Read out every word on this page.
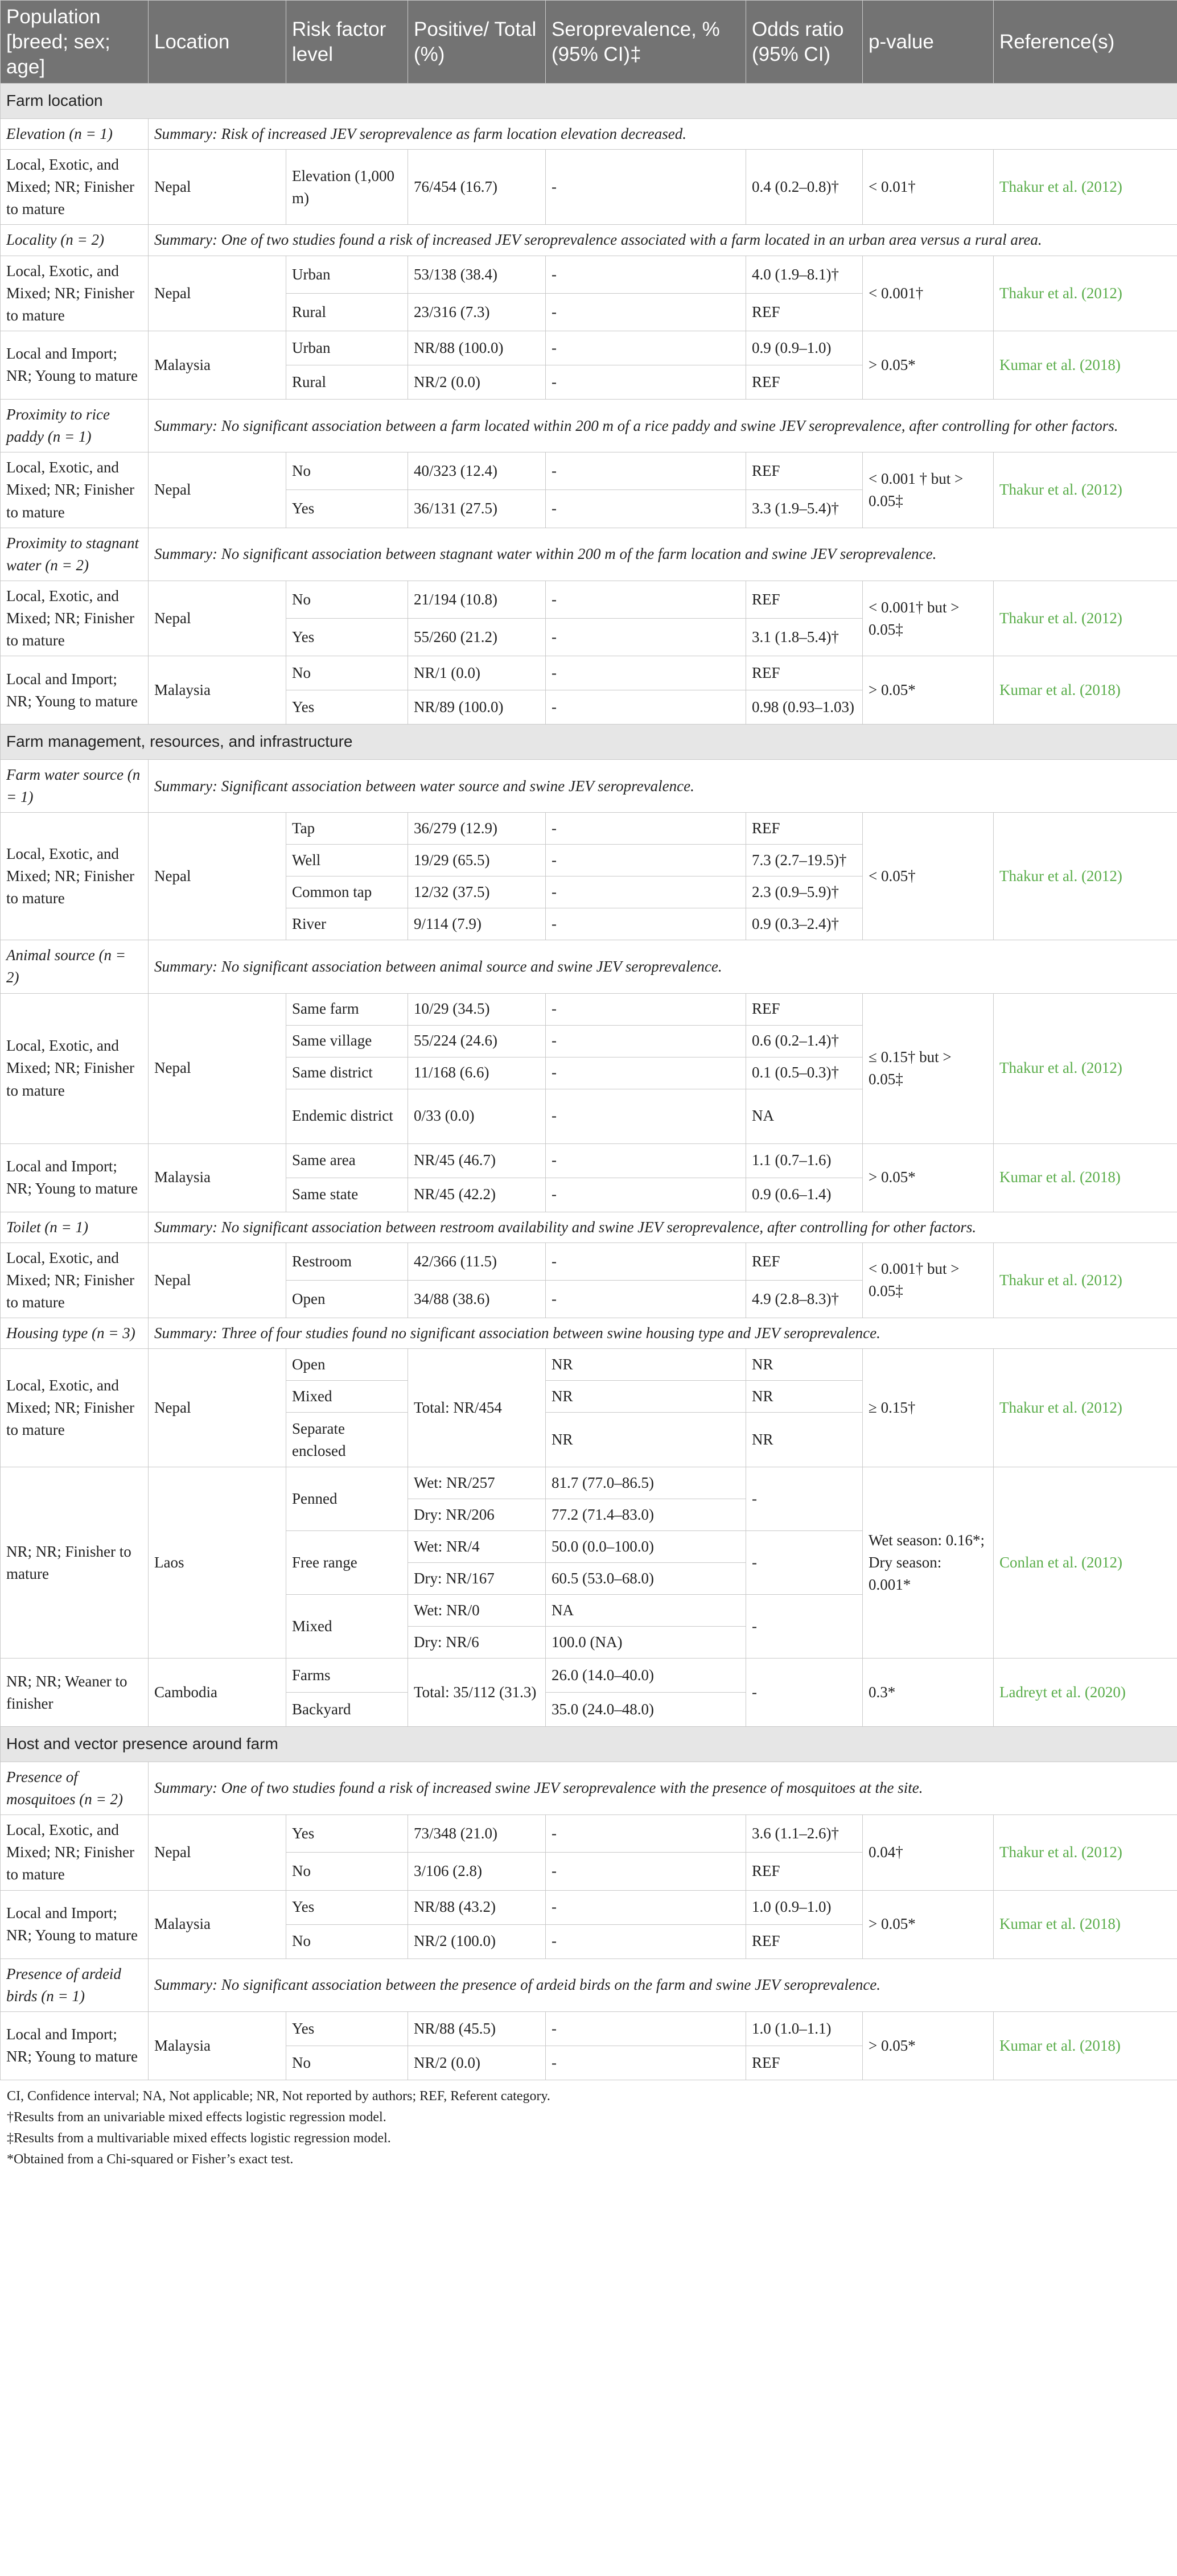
Population [breed; sex; age]	Location	Risk factor level	Positive/ Total (%)	Seroprevalence, % (95% CI)‡	Odds ratio (95% CI)	p-value	Reference(s)
Farm location							
Elevation (n = 1)	Summary: Risk of increased JEV seroprevalence as farm location elevation decreased.						
Local, Exotic, and Mixed; NR; Finisher to mature	Nepal	Elevation (1,000 m)	76/454 (16.7)	-	0.4 (0.2–0.8)†	< 0.01†	Thakur et al. (2012)
Locality (n = 2)	Summary: One of two studies found a risk of increased JEV seroprevalence associated with a farm located in an urban area versus a rural area.						
Local, Exotic, and Mixed; NR; Finisher to mature	Nepal	Urban	53/138 (38.4)	-	4.0 (1.9–8.1)†	< 0.001†	Thakur et al. (2012)
		Rural	23/316 (7.3)	-	REF		
Local and Import; NR; Young to mature	Malaysia	Urban	NR/88 (100.0)	-	0.9 (0.9–1.0)	> 0.05*	Kumar et al. (2018)
		Rural	NR/2 (0.0)	-	REF		
Proximity to rice paddy (n = 1)	Summary: No significant association between a farm located within 200 m of a rice paddy and swine JEV seroprevalence, after controlling for other factors.						
Local, Exotic, and Mixed; NR; Finisher to mature	Nepal	No	40/323 (12.4)	-	REF	< 0.001 † but > 0.05‡	Thakur et al. (2012)
		Yes	36/131 (27.5)	-	3.3 (1.9–5.4)†		
Proximity to stagnant water (n = 2)	Summary: No significant association between stagnant water within 200 m of the farm location and swine JEV seroprevalence.						
Local, Exotic, and Mixed; NR; Finisher to mature	Nepal	No	21/194 (10.8)	-	REF	< 0.001† but > 0.05‡	Thakur et al. (2012)
		Yes	55/260 (21.2)	-	3.1 (1.8–5.4)†		
Local and Import; NR; Young to mature	Malaysia	No	NR/1 (0.0)	-	REF	> 0.05*	Kumar et al. (2018)
		Yes	NR/89 (100.0)	-	0.98 (0.93–1.03)		
Farm management, resources, and infrastructure							
Farm water source (n = 1)	Summary: Significant association between water source and swine JEV seroprevalence.						
Local, Exotic, and Mixed; NR; Finisher to mature	Nepal	Tap	36/279 (12.9)	-	REF	< 0.05†	Thakur et al. (2012)
		Well	19/29 (65.5)	-	7.3 (2.7–19.5)†		
		Common tap	12/32 (37.5)	-	2.3 (0.9–5.9)†		
		River	9/114 (7.9)	-	0.9 (0.3–2.4)†		
Animal source (n = 2)	Summary: No significant association between animal source and swine JEV seroprevalence.						
Local, Exotic, and Mixed; NR; Finisher to mature	Nepal	Same farm	10/29 (34.5)	-	REF	≤ 0.15† but > 0.05‡	Thakur et al. (2012)
		Same village	55/224 (24.6)	-	0.6 (0.2–1.4)†		
		Same district	11/168 (6.6)	-	0.1 (0.5–0.3)†		
		Endemic district	0/33 (0.0)	-	NA		
Local and Import; NR; Young to mature	Malaysia	Same area	NR/45 (46.7)	-	1.1 (0.7–1.6)	> 0.05*	Kumar et al. (2018)
		Same state	NR/45 (42.2)	-	0.9 (0.6–1.4)		
Toilet (n = 1)	Summary: No significant association between restroom availability and swine JEV seroprevalence, after controlling for other factors.						
Local, Exotic, and Mixed; NR; Finisher to mature	Nepal	Restroom	42/366 (11.5)	-	REF	< 0.001† but > 0.05‡	Thakur et al. (2012)
		Open	34/88 (38.6)	-	4.9 (2.8–8.3)†		
Housing type (n = 3)	Summary: Three of four studies found no significant association between swine housing type and JEV seroprevalence.						
Local, Exotic, and Mixed; NR; Finisher to mature	Nepal	Open	Total: NR/454	NR	NR	≥ 0.15†	Thakur et al. (2012)
		Mixed		NR	NR		
		Separate enclosed		NR	NR		
NR; NR; Finisher to mature	Laos	Penned	Wet: NR/257	81.7 (77.0–86.5)	-	Wet season: 0.16*; Dry season: 0.001*	Conlan et al. (2012)
			Dry: NR/206	77.2 (71.4–83.0)			
		Free range	Wet: NR/4	50.0 (0.0–100.0)	-		
			Dry: NR/167	60.5 (53.0–68.0)			
		Mixed	Wet: NR/0	NA	-		
			Dry: NR/6	100.0 (NA)			
NR; NR; Weaner to finisher	Cambodia	Farms	Total: 35/112 (31.3)	26.0 (14.0–40.0)	-	0.3*	Ladreyt et al. (2020)
		Backyard		35.0 (24.0–48.0)			
Host and vector presence around farm							
Presence of mosquitoes (n = 2)	Summary: One of two studies found a risk of increased swine JEV seroprevalence with the presence of mosquitoes at the site.						
Local, Exotic, and Mixed; NR; Finisher to mature	Nepal	Yes	73/348 (21.0)	-	3.6 (1.1–2.6)†	0.04†	Thakur et al. (2012)
		No	3/106 (2.8)	-	REF		
Local and Import; NR; Young to mature	Malaysia	Yes	NR/88 (43.2)	-	1.0 (0.9–1.0)	> 0.05*	Kumar et al. (2018)
		No	NR/2 (100.0)	-	REF		
Presence of ardeid birds (n = 1)	Summary: No significant association between the presence of ardeid birds on the farm and swine JEV seroprevalence.						
Local and Import; NR; Young to mature	Malaysia	Yes	NR/88 (45.5)	-	1.0 (1.0–1.1)	> 0.05*	Kumar et al. (2018)
		No	NR/2 (0.0)	-	REF		
CI, Confidence interval; NA, Not applicable; NR, Not reported by authors; REF, Referent category.
†Results from an univariable mixed effects logistic regression model.
‡Results from a multivariable mixed effects logistic regression model.
*Obtained from a Chi-squared or Fisher’s exact test.
